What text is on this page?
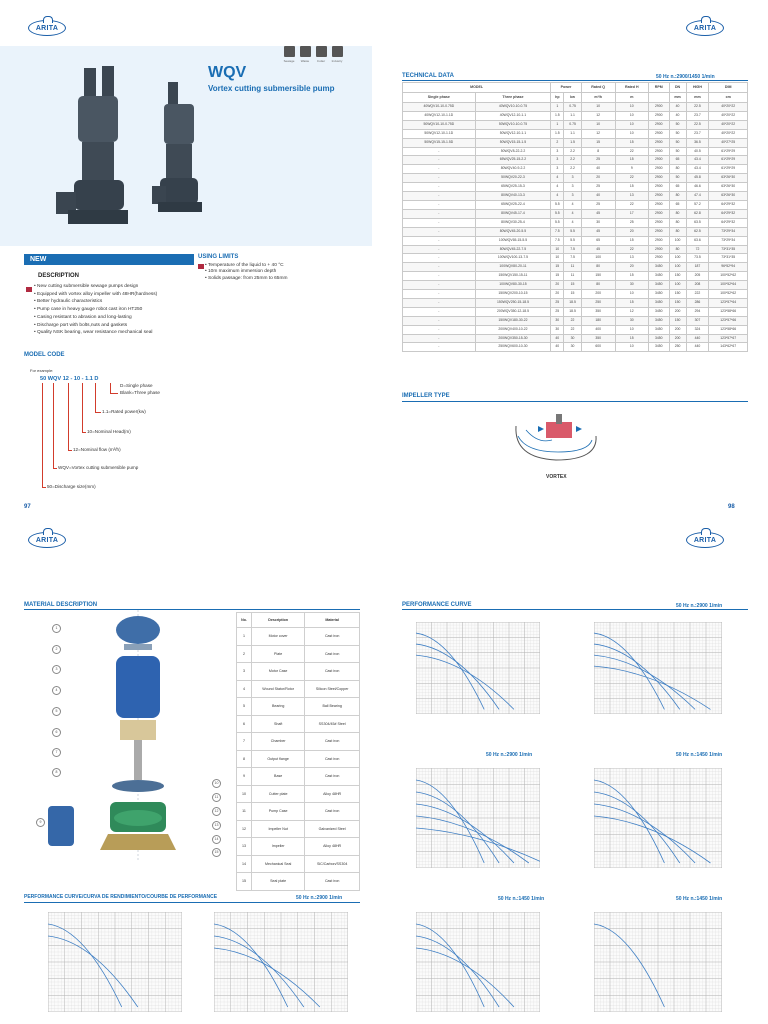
ARITA
Sewage	Waste	Cutter	Industry
WQV
Vortex cutting submersible pump
NEW
DESCRIPTION
• New cutting submersible sewage pumps design
• Equipped with vortex alloy impeller with 48HR(hardness)
• Better hydraulic characteristics
• Pump case in heavy gauge robot cast iron HT250
• Casing resistant to abrasion and long-lasting
• Discharge port with bolts,nuts and gaskets
• Quality NSK bearing, wear resistance mechanical seal
USING LIMITS
• Temperature of the liquid to + 40 °C
• 10m maximum immersion depth
• Solids passage: from 25mm to 65mm
MODEL CODE
For example:
50 WQV 12 - 10 - 1.1 D
D=Single phase
Blank=Three phase
1.1=Rated power(kw)
10=Nominal Head(m)
12=Nominal flow (m³/h)
WQV=Vortex cutting submersible pump
50=Discharge size(mm)
97
ARITA
TECHNICAL DATA	50 Hz n.:2900/1450 1/min
IMPELLER TYPE
VORTEX
98
MODEL		Power		Rated Q	Rated H	RPM	DN	HIGH	DIM
Single phase	Three phase	hp	kw	m³/h	m		mm	mm	cm
40WQV10-10-0.75D	40WQV10-10-0.75	1	0.75	10	10	2900	40	22.5	40*20*22
40WQV12-10-1.1D	40WQV12-10-1.1	1.5	1.1	12	10	2900	40	23.7	40*20*22
50WQV10-10-0.75D	50WQV10-10-0.75	1	0.75	10	10	2900	50	22.5	40*20*22
50WQV12-10-1.1D	50WQV12-10-1.1	1.5	1.1	12	10	2900	50	23.7	40*20*22
50WQV15-15-1.5D	50WQV15-15-1.5	2	1.5	15	15	2900	50	36.5	40*27*25
-	50WQV8-22-2.2	3	2.2	8	22	2900	50	40.5	61*29*29
-	65WQV25-15-2.2	3	2.2	25	15	2900	65	43.4	61*29*29
-	80WQV40-9-2.2	3	2.2	40	9	2900	80	43.4	61*29*29
-	50WQV20-22-3	4	3	20	22	2900	50	45.8	63*26*30
-	65WQV25-15-3	4	3	25	15	2900	65	46.6	63*26*30
-	80WQV40-13-3	4	3	40	13	2900	80	47.4	63*26*30
-	65WQV25-22-4	5.5	4	25	22	2900	65	57.2	64*29*32
-	80WQV45-17-4	5.5	4	45	17	2900	80	62.8	64*29*32
-	80WQV30-25-4	5.5	4	30	25	2900	80	63.5	64*29*32
-	80WQV45-20-5.5	7.5	5.5	45	20	2900	80	62.5	73*29*34
-	100WQV65-15-5.5	7.5	5.5	65	15	2900	100	63.6	73*29*34
-	80WQV45-22-7.5	10	7.5	45	22	2900	80	72	73*31*35
-	100WQV100-13-7.5	10	7.5	100	13	2900	100	73.5	73*31*35
-	100WQV80-20-11	15	11	80	20	3450	100	187	96*52*94
-	150WQV150-15-11	15	11	150	15	3450	150	205	100*52*62
-	100WQV80-30-15	20	15	80	30	3450	100	208	100*52*64
-	150WQV200-10-15	20	15	200	10	3450	150	222	100*52*62
-	150WQV250-15-18.5	25	18.5	250	15	3450	150	286	123*57*64
-	200WQV350-12-18.5	25	18.5	350	12	3450	200	294	123*58*66
-	150WQV180-30-22	30	22	180	30	3450	150	307	123*57*66
-	200WQV400-10-22	30	22	400	10	3450	200	324	123*58*66
-	200WQV350-15-30	40	30	350	15	3450	200	440	123*57*67
-	250WQV600-10-30	40	30	600	10	3450	250	440	143*62*67
ARITA
MATERIAL DESCRIPTION
1
2
3
4
5
6
7
8
10
11
12
13
14
15
9
PERFORMANCE CURVE/CURVA DE RENDIMIENTO/COURBE DE PERFORMANCE	50 Hz n.:2900 1/min
ARITA
PERFORMANCE CURVE	50 Hz n.:2900 1/min
50 Hz n.:2900 1/min	50 Hz n.:1450 1/min
50 Hz n.:1450 1/min	50 Hz n.:1450 1/min
No.	Description	Material
1	Motor cover	Cast iron
2	Plate	Cast iron
3	Motor Case	Cast iron
4	Wound Stator/Rotor	Silicon Steel/Copper
5	Bearing	Ball Bearing
6	Shaft	SS304/45# Steel
7	Chamber	Cast iron
8	Output flange	Cast iron
9	Base	Cast iron
10	Cutter plate	Alloy 48HR
11	Pump Case	Cast iron
12	Impeller Nut	Galvanized Steel
13	Impeller	Alloy 48HR
14	Mechanical Seal	SiC/Carbon/SS304
15	Seal plate	Cast iron
